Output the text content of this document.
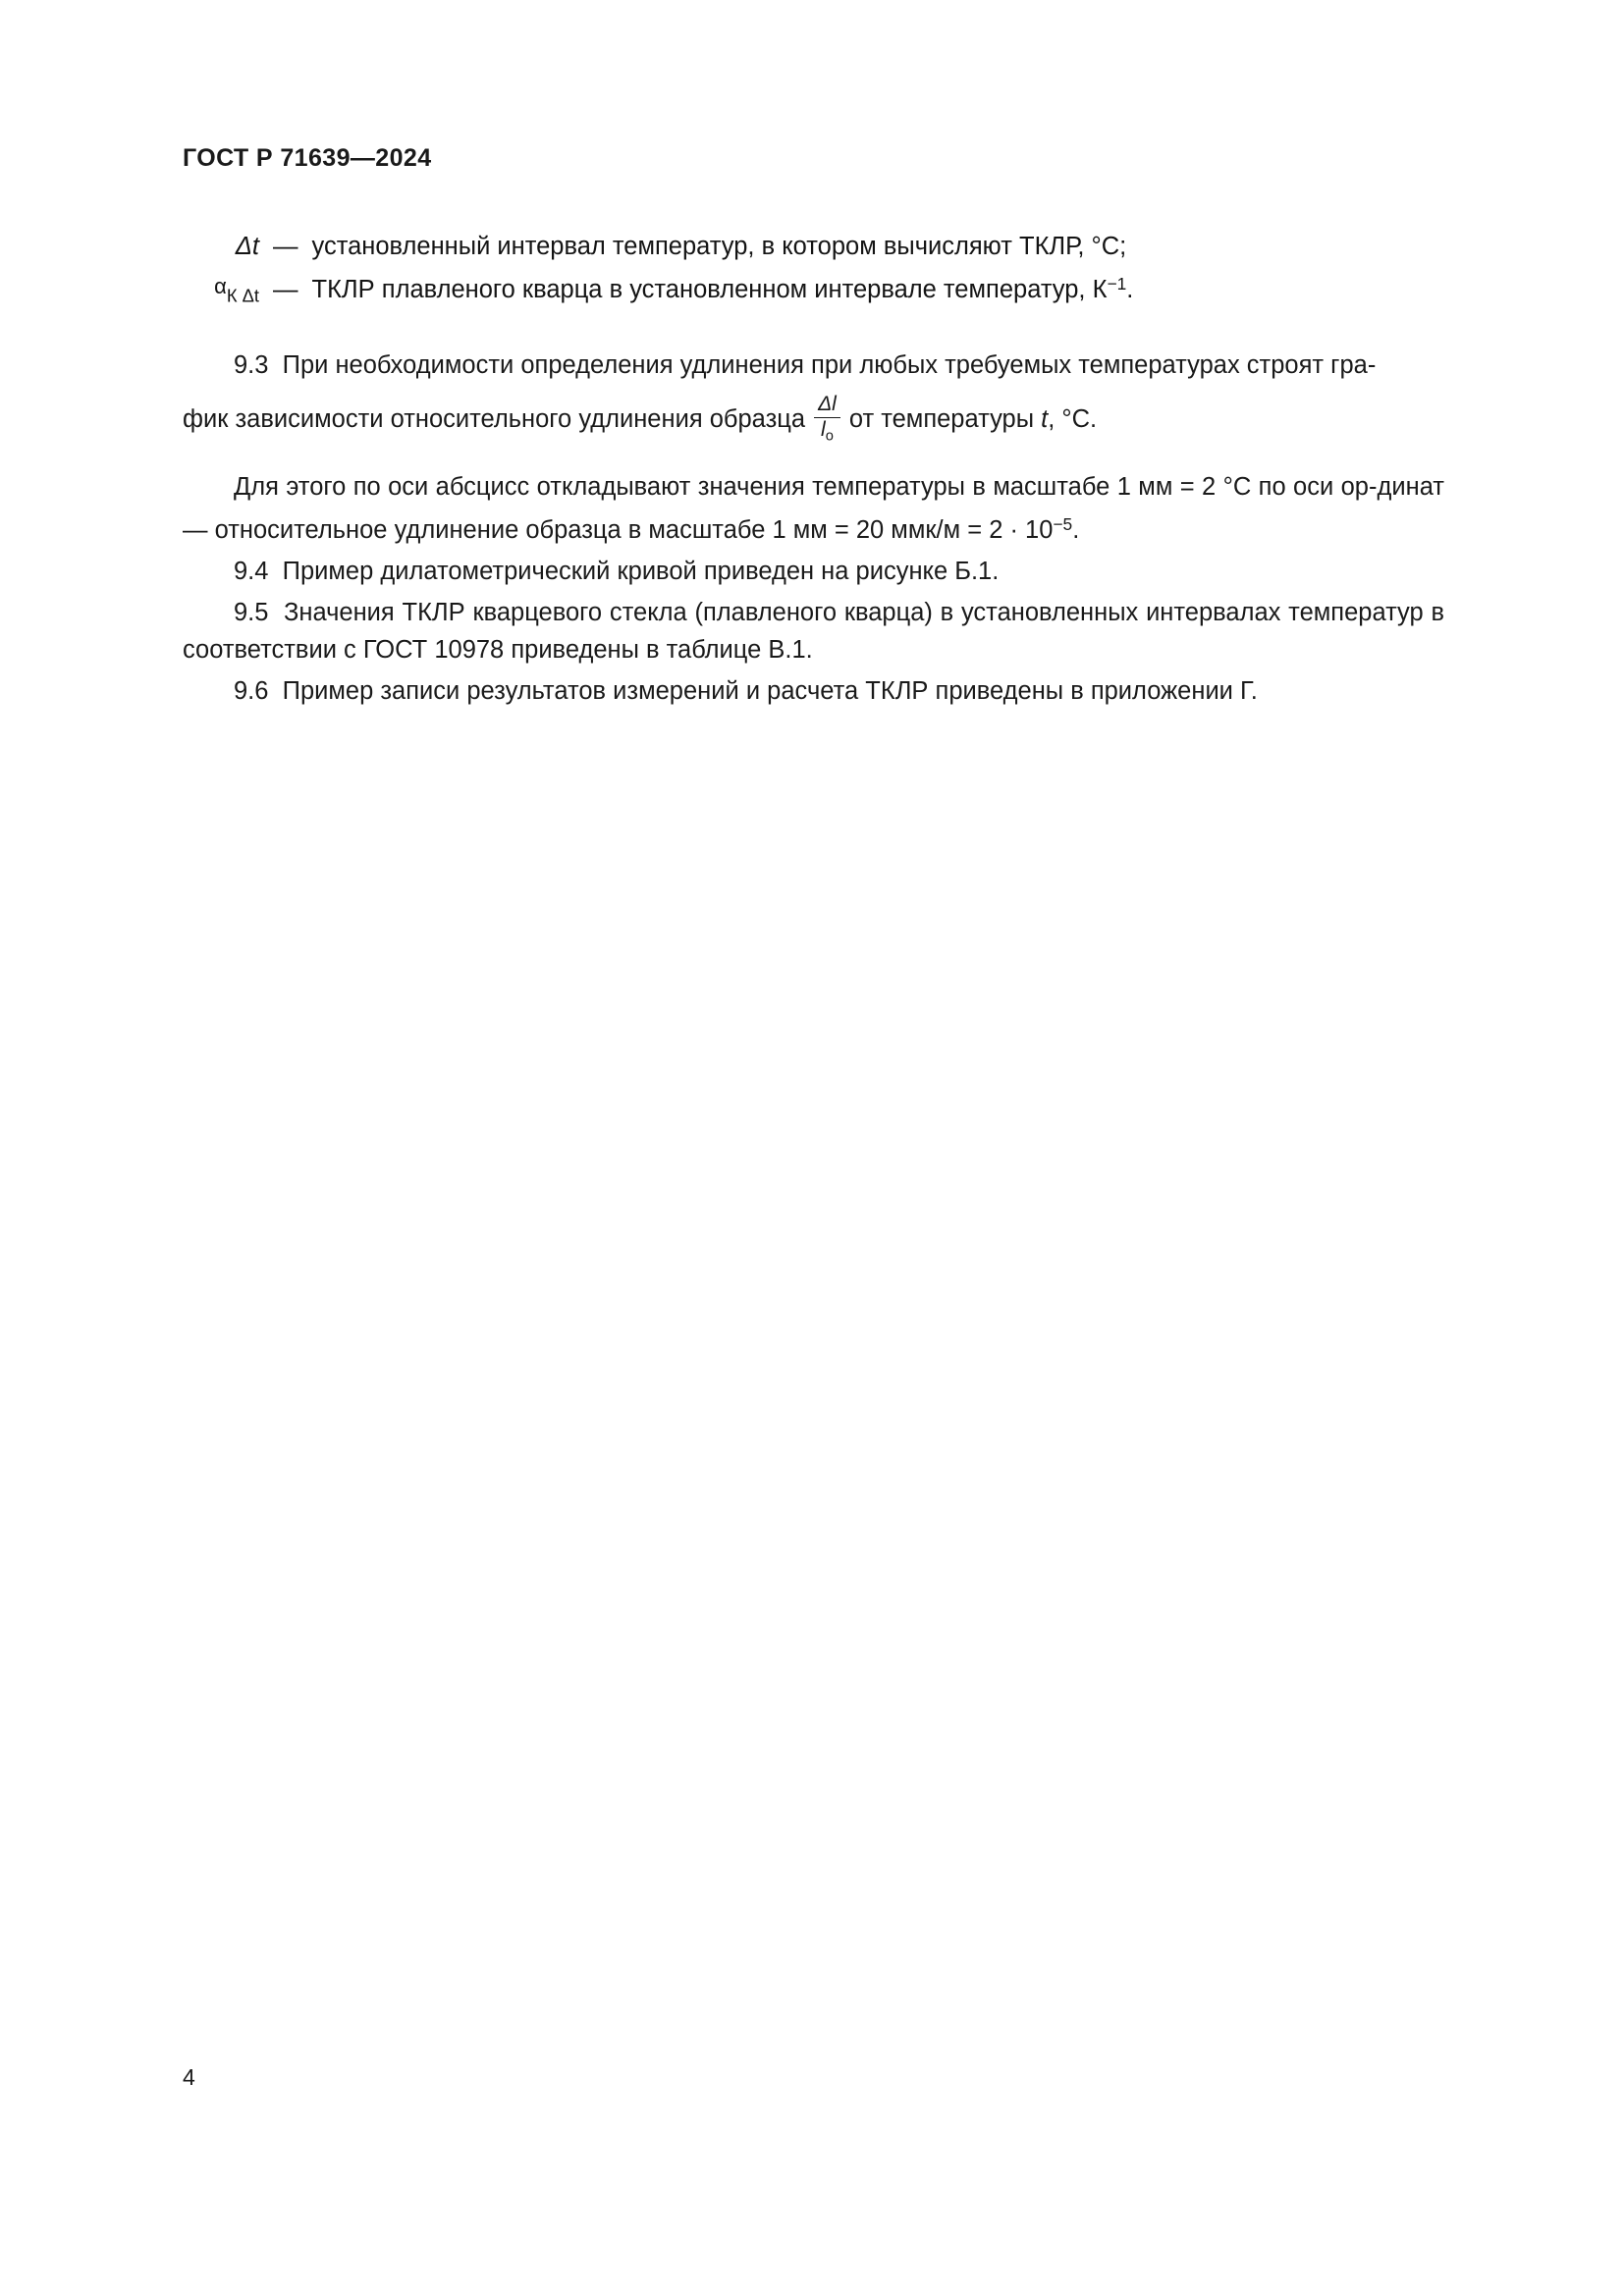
ГОСТ Р 71639—2024
Δt — установленный интервал температур, в котором вычисляют ТКЛР, °C;
αК Δt — ТКЛР плавленого кварца в установленном интервале температур, $К^{-1}$.

9.3 При необходимости определения удлинения при любых требуемых температурах строят гра-

фик зависимости относительного удлинения образца $\frac{\Delta l}{l_o}$ от температуры t, °C.

Для этого по оси абсцисс откладывают значения температуры в масштабе 1 мм = 2 °C по оси ор-динат — относительное удлинение образца в масштабе 1 мм = 20 $ммк/м = 2 \cdot 10^{-5}$.

9.4 Пример дилатометрический кривой приведен на рисунке Б.1.

9.5 Значения ТКЛР кварцевого стекла (плавленого кварца) в установленных интервалах температур в соответствии с ГОСТ 10978 приведены в таблице В.1.

9.6 Пример записи результатов измерений и расчета ТКЛР приведены в приложении Г.

4
